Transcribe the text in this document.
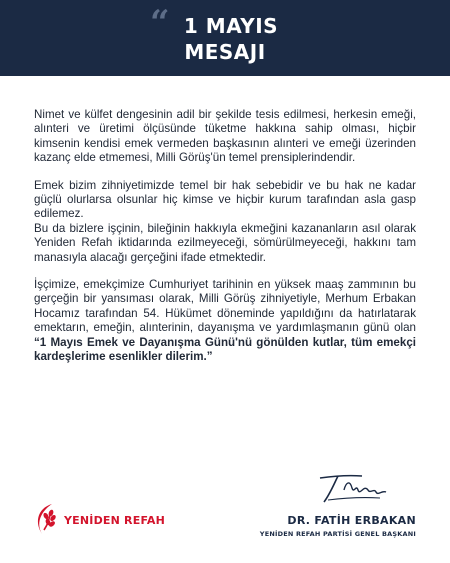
“ 1 MAYIS
MESAJI

Nimet ve külfet dengesinin adil bir şekilde tesis edilmesi, herkesin emeği, alınteri ve üretimi ölçüsünde tüketme hakkına sahip olması, hiçbir kimsenin kendisi emek vermeden başkasının alınteri ve emeği üzerinden kazanç elde etmemesi, Milli Görüş'ün temel prensiplerindendir.

Emek bizim zihniyetimizde temel bir hak sebebidir ve bu hak ne kadar güçlü olurlarsa olsunlar hiç kimse ve hiçbir kurum tarafından asla gasp edilemez.

Bu da bizlere işçinin, bileğinin hakkıyla ekmeğini kazananların asıl olarak Yeniden Refah iktidarında ezilmeyeceği, sömürülmeyeceği, hakkını tam manasıyla alacağı gerçeğini ifade etmektedir.

İşçimize, emekçimize Cumhuriyet tarihinin en yüksek maaş zammının bu gerçeğin bir yansıması olarak, Milli Görüş zihniyetiyle, Merhum Erbakan Hocamız tarafından 54. Hükümet döneminde yapıldığını da hatırlatarak emektarın, emeğin, alınterinin, dayanışma ve yardımlaşmanın günü olan “1 Mayıs Emek ve Dayanışma Günü'nü gönülden kutlar, tüm emekçi kardeşlerime esenlikler dilerim.”

YENİDEN REFAH	DR. FATİH ERBAKAN
YENİDEN REFAH PARTİSİ GENEL BAŞKANI
